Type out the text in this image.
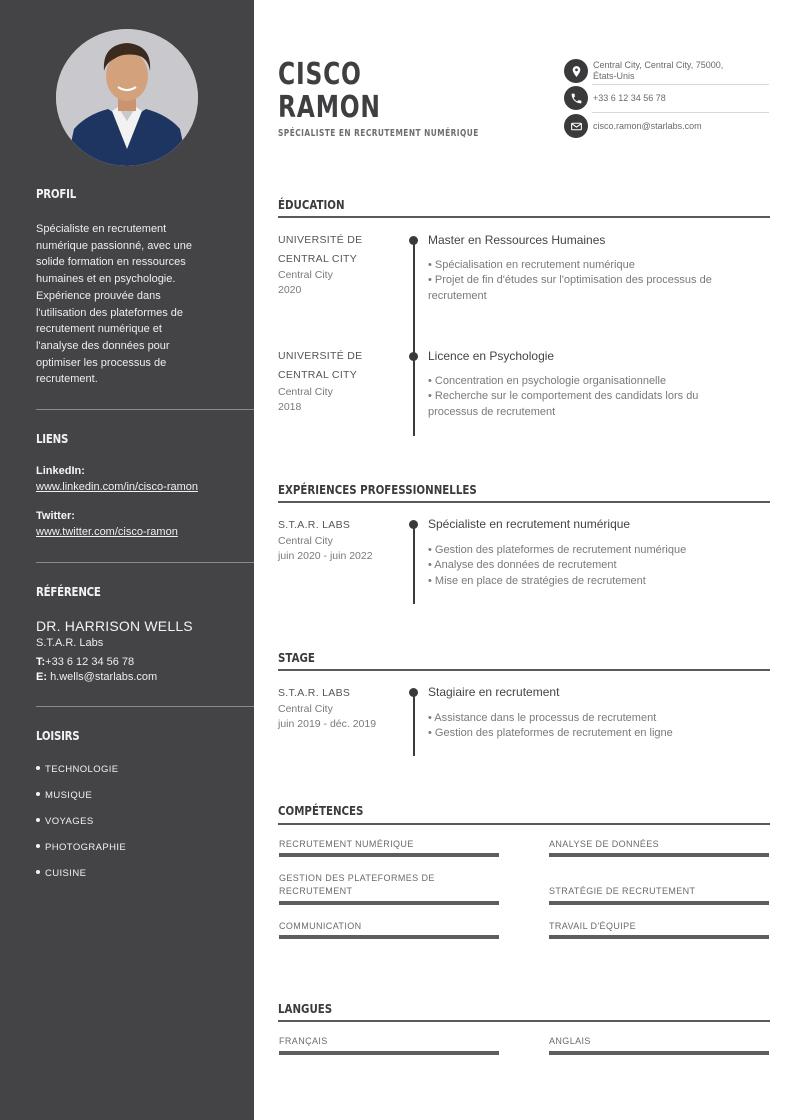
PROFIL
Spécialiste en recrutement
numérique passionné, avec une
solide formation en ressources
humaines et en psychologie.
Expérience prouvée dans
l'utilisation des plateformes de
recrutement numérique et
l'analyse des données pour
optimiser les processus de
recrutement.
LIENS
LinkedIn:
www.linkedin.com/in/cisco-ramon
Twitter:
www.twitter.com/cisco-ramon
RÉFÉRENCE
DR. HARRISON WELLS
S.T.A.R. Labs
T:+33 6 12 34 56 78
E: h.wells@starlabs.com
LOISIRS
TECHNOLOGIE
MUSIQUE
VOYAGES
PHOTOGRAPHIE
CUISINE
CISCO
RAMON
SPÉCIALISTE EN RECRUTEMENT NUMÉRIQUE
Central City, Central City, 75000,
États-Unis
+33 6 12 34 56 78
cisco.ramon@starlabs.com
ÉDUCATION
UNIVERSITÉ DE
CENTRAL CITY
Central City
2020
Master en Ressources Humaines
• Spécialisation en recrutement numérique
• Projet de fin d'études sur l'optimisation des processus de
recrutement
UNIVERSITÉ DE
CENTRAL CITY
Central City
2018
Licence en Psychologie
• Concentration en psychologie organisationnelle
• Recherche sur le comportement des candidats lors du
processus de recrutement
EXPÉRIENCES PROFESSIONNELLES
S.T.A.R. LABS
Central City
juin 2020 - juin 2022
Spécialiste en recrutement numérique
• Gestion des plateformes de recrutement numérique
• Analyse des données de recrutement
• Mise en place de stratégies de recrutement
STAGE
S.T.A.R. LABS
Central City
juin 2019 - déc. 2019
Stagiaire en recrutement
• Assistance dans le processus de recrutement
• Gestion des plateformes de recrutement en ligne
COMPÉTENCES
RECRUTEMENT NUMÉRIQUE	ANALYSE DE DONNÉES
GESTION DES PLATEFORMES DE
RECRUTEMENT	STRATÉGIE DE RECRUTEMENT
COMMUNICATION	TRAVAIL D'ÉQUIPE
LANGUES
FRANÇAIS	ANGLAIS
